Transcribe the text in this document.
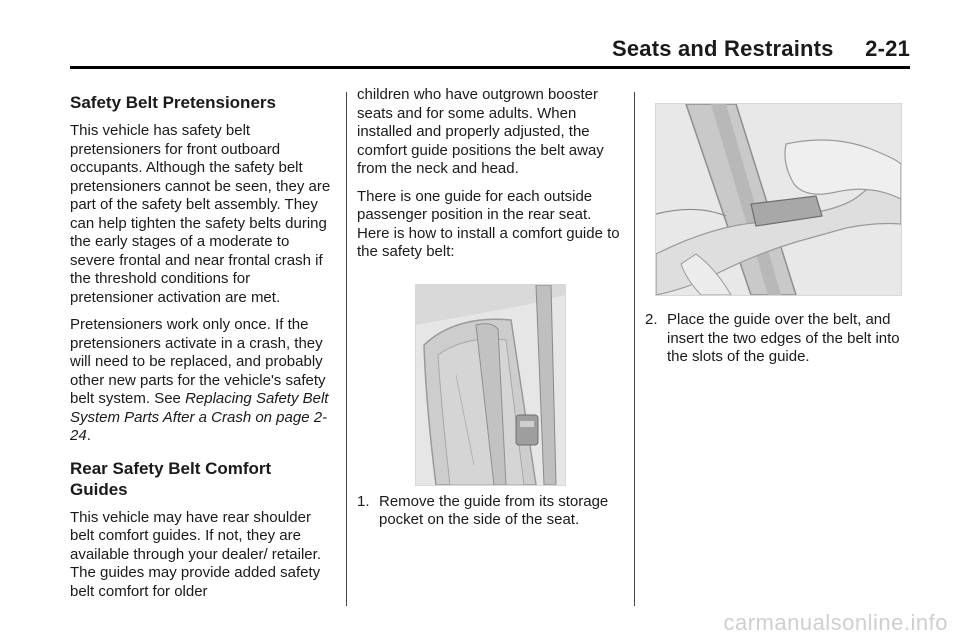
Seats and Restraints     2-21
Safety Belt Pretensioners

This vehicle has safety belt pretensioners for front outboard occupants. Although the safety belt pretensioners cannot be seen, they are part of the safety belt assembly. They can help tighten the safety belts during the early stages of a moderate to severe frontal and near frontal crash if the threshold conditions for pretensioner activation are met.

Pretensioners work only once. If the pretensioners activate in a crash, they will need to be replaced, and probably other new parts for the vehicle's safety belt system. See Replacing Safety Belt System Parts After a Crash on page 2-24.

Rear Safety Belt Comfort Guides

This vehicle may have rear shoulder belt comfort guides. If not, they are available through your dealer/ retailer. The guides may provide added safety belt comfort for older

children who have outgrown booster seats and for some adults. When installed and properly adjusted, the comfort guide positions the belt away from the neck and head.

There is one guide for each outside passenger position in the rear seat. Here is how to install a comfort guide to the safety belt:

1. Remove the guide from its storage pocket on the side of the seat.
2. Place the guide over the belt, and insert the two edges of the belt into the slots of the guide.
carmanualsonline.info
